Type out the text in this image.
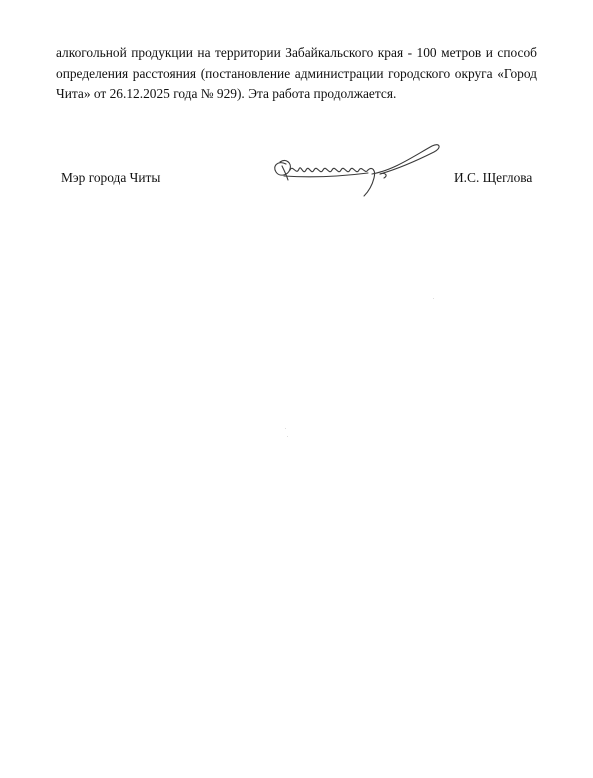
алкогольной продукции на территории Забайкальского края - 100 метров и способ
определения расстояния (постановление администрации городского округа «Город
Чита» от 26.12.2025 года № 929). Эта работа продолжается.

Мэр города Читы	И.С. Щеглова
